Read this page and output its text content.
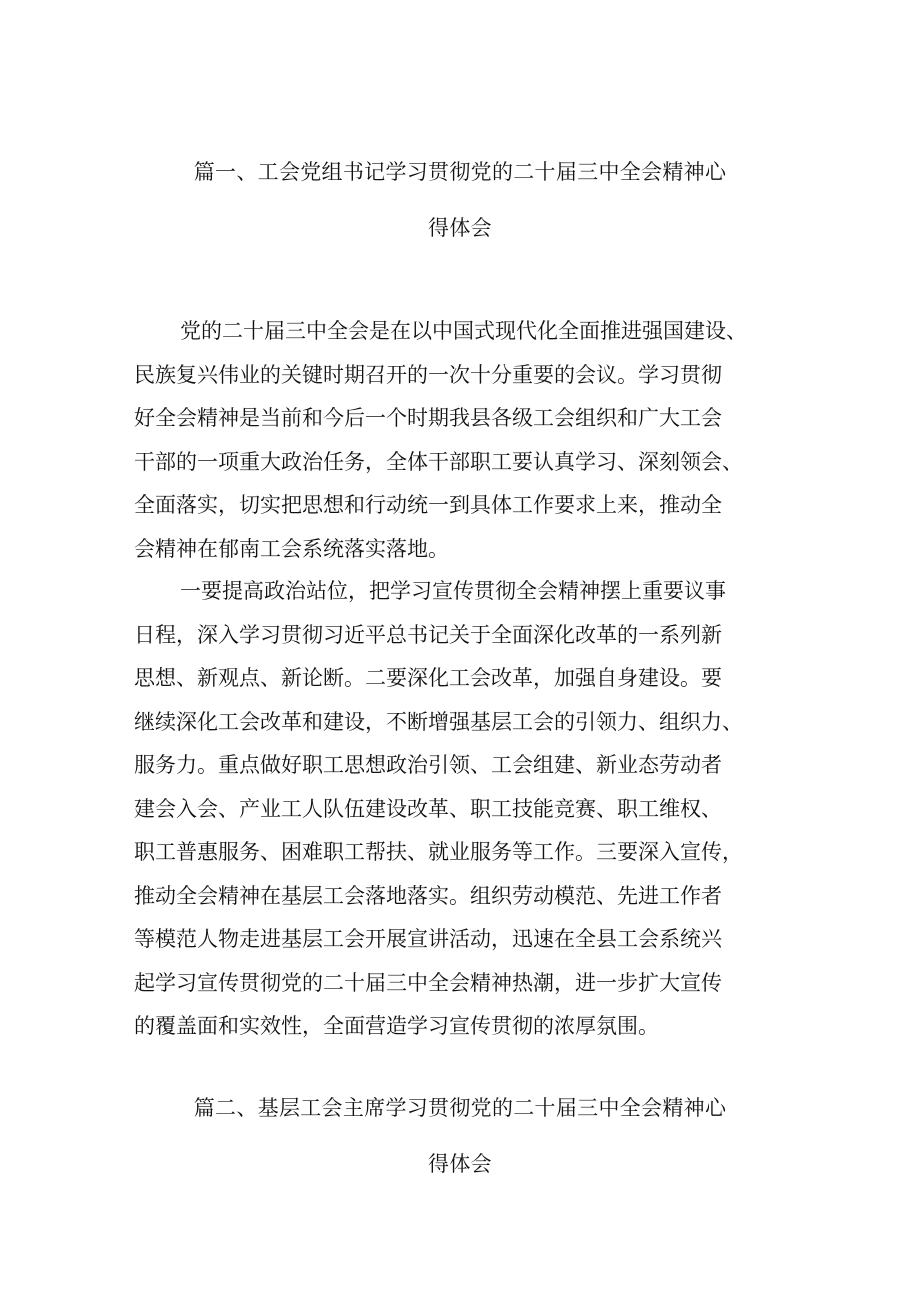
篇一、工会党组书记学习贯彻党的二十届三中全会精神心
得体会
党的二十届三中全会是在以中国式现代化全面推进强国建设、
民族复兴伟业的关键时期召开的一次十分重要的会议。学习贯彻
好全会精神是当前和今后一个时期我县各级工会组织和广大工会
干部的一项重大政治任务，全体干部职工要认真学习、深刻领会、
全面落实，切实把思想和行动统一到具体工作要求上来，推动全
会精神在郁南工会系统落实落地。
一要提高政治站位，把学习宣传贯彻全会精神摆上重要议事
日程，深入学习贯彻习近平总书记关于全面深化改革的一系列新
思想、新观点、新论断。二要深化工会改革，加强自身建设。要
继续深化工会改革和建设，不断增强基层工会的引领力、组织力、
服务力。重点做好职工思想政治引领、工会组建、新业态劳动者
建会入会、产业工人队伍建设改革、职工技能竞赛、职工维权、
职工普惠服务、困难职工帮扶、就业服务等工作。三要深入宣传，
推动全会精神在基层工会落地落实。组织劳动模范、先进工作者
等模范人物走进基层工会开展宣讲活动，迅速在全县工会系统兴
起学习宣传贯彻党的二十届三中全会精神热潮，进一步扩大宣传
的覆盖面和实效性，全面营造学习宣传贯彻的浓厚氛围。
篇二、基层工会主席学习贯彻党的二十届三中全会精神心
得体会
